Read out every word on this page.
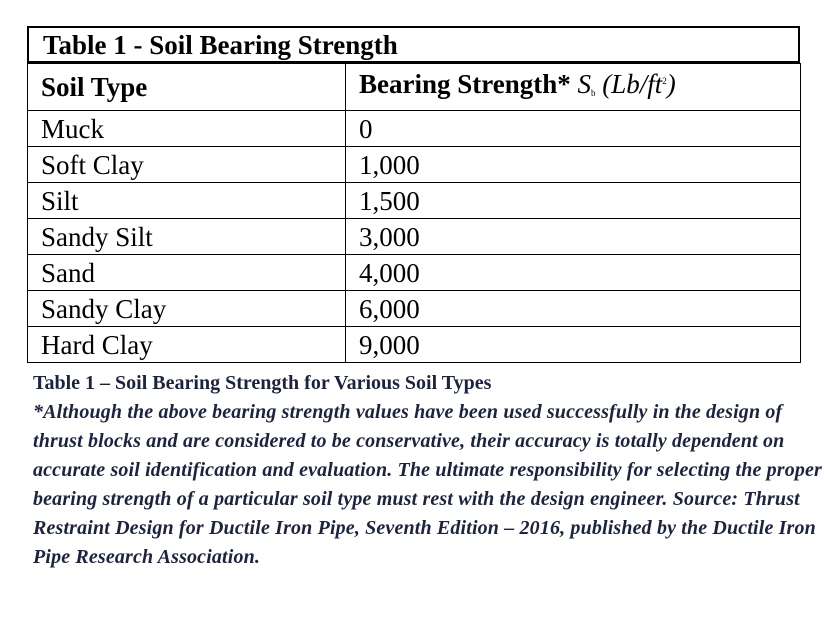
Table 1 - Soil Bearing Strength
Soil Type	Bearing Strength* $S_b$ $(Lb/ft^2)$
Muck	0
Soft Clay	1,000
Silt	1,500
Sandy Silt	3,000
Sand	4,000
Sandy Clay	6,000
Hard Clay	9,000
Table 1 – Soil Bearing Strength for Various Soil Types
*Although the above bearing strength values have been used successfully in the design of thrust blocks and are considered to be conservative, their accuracy is totally dependent on accurate soil identification and evaluation. The ultimate responsibility for selecting the proper bearing strength of a particular soil type must rest with the design engineer. Source: Thrust Restraint Design for Ductile Iron Pipe, Seventh Edition – 2016, published by the Ductile Iron Pipe Research Association.
